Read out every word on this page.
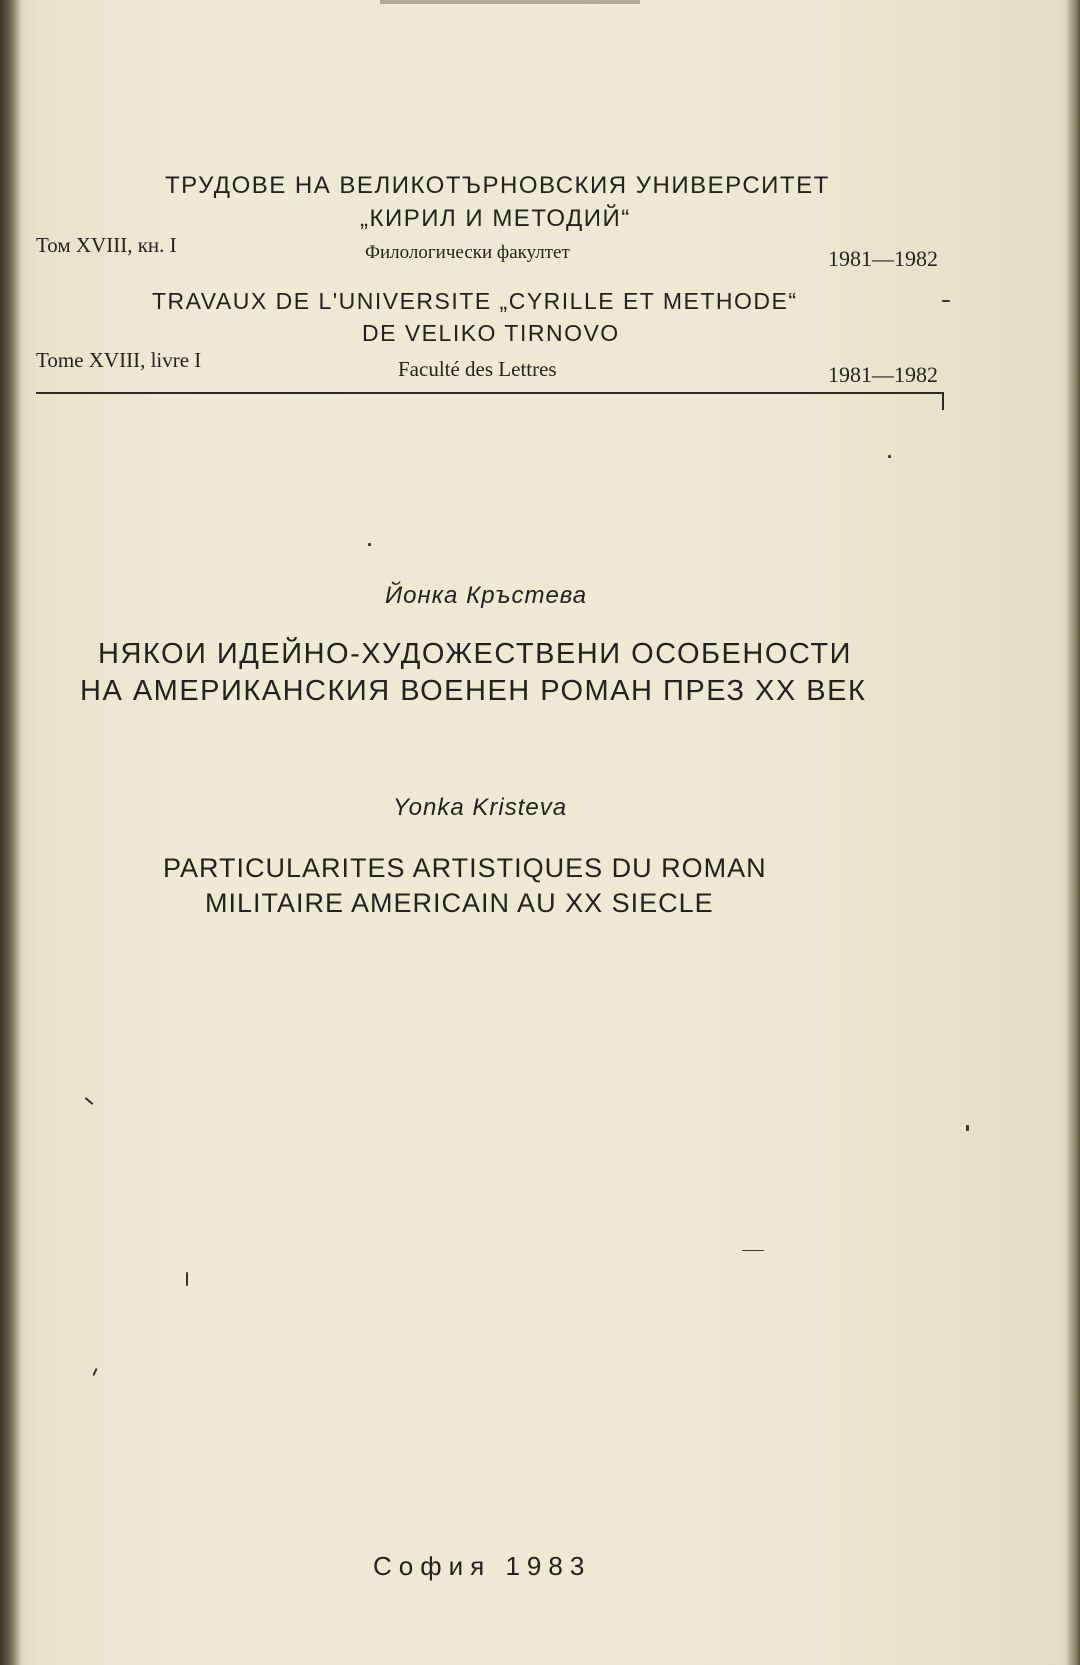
ТРУДОВЕ НА ВЕЛИКОТЪРНОВСКИЯ УНИВЕРСИТЕТ
„КИРИЛ И МЕТОДИЙ“
Том XVIII, кн. I	Филологически факултет	1981—1982
TRAVAUX DE L'UNIVERSITE „CYRILLE ET METHODE“
DE VELIKO TIRNOVO
Tome XVIII, livre I	Faculté des Lettres	1981—1982
Йонка Кръстева
НЯКОИ ИДЕЙНО-ХУДОЖЕСТВЕНИ ОСОБЕНОСТИ
НА АМЕРИКАНСКИЯ ВОЕНЕН РОМАН ПРЕЗ XX ВЕК
Yonka Kristeva
PARTICULARITES ARTISTIQUES DU ROMAN
MILITAIRE AMERICAIN AU XX SIECLE
София 1983
